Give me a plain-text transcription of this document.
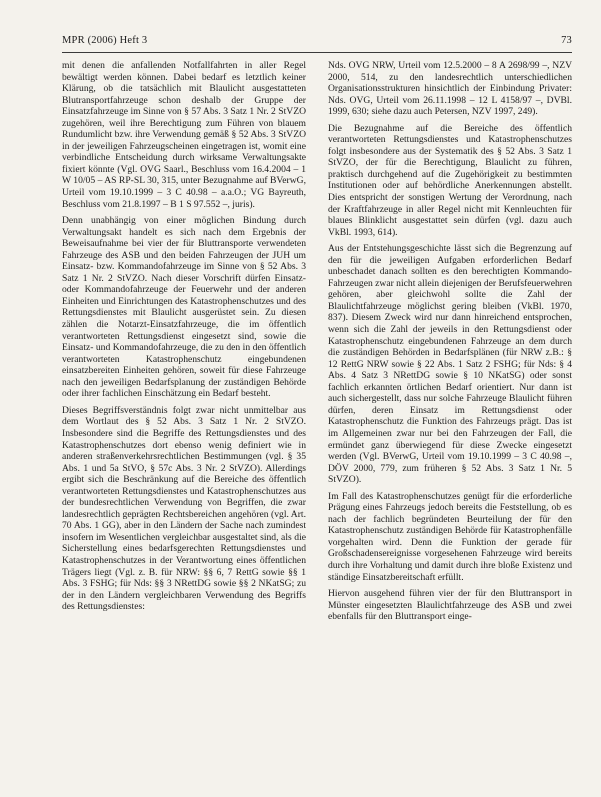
MPR (2006) Heft 3	73

mit denen die anfallenden Notfallfahrten in aller Regel bewältigt werden können. Dabei bedarf es letztlich keiner Klärung, ob die tatsächlich mit Blaulicht ausgestatteten Blutransportfahrzeuge schon deshalb der Gruppe der Einsatzfahrzeuge im Sinne von § 57 Abs. 3 Satz 1 Nr. 2 StVZO zugehören, weil ihre Berechtigung zum Führen von blauem Rundumlicht bzw. ihre Verwendung gemäß § 52 Abs. 3 StVZO in der jeweiligen Fahrzeugscheinen eingetragen ist, womit eine verbindliche Entscheidung durch wirksame Verwaltungsakte fixiert könnte (Vgl. OVG Saarl., Beschluss vom 16.4.2004 – 1 W 10/05 – AS RP-SL 30, 315, unter Bezugnahme auf BVerwG, Urteil vom 19.10.1999 – 3 C 40.98 – a.a.O.; VG Bayreuth, Beschluss vom 21.8.1997 – B 1 S 97.552 –, juris).

Denn unabhängig von einer möglichen Bindung durch Verwaltungsakt handelt es sich nach dem Ergebnis der Beweisaufnahme bei vier der für Bluttransporte verwendeten Fahrzeuge des ASB und den beiden Fahrzeugen der JUH um Einsatz- bzw. Kommandofahrzeuge im Sinne von § 52 Abs. 3 Satz 1 Nr. 2 StVZO. Nach dieser Vorschrift dürfen Einsatz- oder Kommandofahrzeuge der Feuerwehr und der anderen Einheiten und Einrichtungen des Katastrophenschutzes und des Rettungsdienstes mit Blaulicht ausgerüstet sein. Zu diesen zählen die Notarzt-Einsatzfahrzeuge, die im öffentlich verantworteten Rettungsdienst eingesetzt sind, sowie die Einsatz- und Kommandofahrzeuge, die zu den in den öffentlich verantworteten Katastrophenschutz eingebundenen einsatzbereiten Einheiten gehören, soweit für diese Fahrzeuge nach den jeweiligen Bedarfsplanung der zuständigen Behörde oder ihrer fachlichen Einschätzung ein Bedarf besteht.

Dieses Begriffsverständnis folgt zwar nicht unmittelbar aus dem Wortlaut des § 52 Abs. 3 Satz 1 Nr. 2 StVZO. Insbesondere sind die Begriffe des Rettungsdienstes und des Katastrophenschutzes dort ebenso wenig definiert wie in anderen straßenverkehrsrechtlichen Bestimmungen (vgl. § 35 Abs. 1 und 5a StVO, § 57c Abs. 3 Nr. 2 StVZO). Allerdings ergibt sich die Beschränkung auf die Bereiche des öffentlich verantworteten Rettungsdienstes und Katastrophenschutzes aus der bundesrechtlichen Verwendung von Begriffen, die zwar landesrechtlich geprägten Rechtsbereichen angehören (vgl. Art. 70 Abs. 1 GG), aber in den Ländern der Sache nach zumindest insofern im Wesentlichen vergleichbar ausgestaltet sind, als die Sicherstellung eines bedarfsgerechten Rettungsdienstes und Katastrophenschutzes in der Verantwortung eines öffentlichen Trägers liegt (Vgl. z. B. für NRW: §§ 6, 7 RettG sowie §§ 1 Abs. 3 FSHG; für Nds: §§ 3 NRettDG sowie §§ 2 NKatSG; zu der in den Ländern vergleichbaren Verwendung des Begriffs des Rettungsdienstes:

Nds. OVG NRW, Urteil vom 12.5.2000 – 8 A 2698/99 –, NZV 2000, 514, zu den landesrechtlich unterschiedlichen Organisationsstrukturen hinsichtlich der Einbindung Privater: Nds. OVG, Urteil vom 26.11.1998 – 12 L 4158/97 –, DVBl. 1999, 630; siehe dazu auch Petersen, NZV 1997, 249).

Die Bezugnahme auf die Bereiche des öffentlich verantworteten Rettungsdienstes und Katastrophenschutzes folgt insbesondere aus der Systematik des § 52 Abs. 3 Satz 1 StVZO, der für die Berechtigung, Blaulicht zu führen, praktisch durchgehend auf die Zugehörigkeit zu bestimmten Institutionen oder auf behördliche Anerkennungen abstellt. Dies entspricht der sonstigen Wertung der Verordnung, nach der Kraftfahrzeuge in aller Regel nicht mit Kennleuchten für blaues Blinklicht ausgestattet sein dürfen (vgl. dazu auch VkBl. 1993, 614).

Aus der Entstehungsgeschichte lässt sich die Begrenzung auf den für die jeweiligen Aufgaben erforderlichen Bedarf unbeschadet danach sollten es den berechtigten Kommando-Fahrzeugen zwar nicht allein diejenigen der Berufsfeuerwehren gehören, aber gleichwohl sollte die Zahl der Blaulichtfahrzeuge möglichst gering bleiben (VkBl. 1970, 837). Diesem Zweck wird nur dann hinreichend entsprochen, wenn sich die Zahl der jeweils in den Rettungsdienst oder Katastrophenschutz eingebundenen Fahrzeuge an dem durch die zuständigen Behörden in Bedarfsplänen (für NRW z.B.: § 12 RettG NRW sowie § 22 Abs. 1 Satz 2 FSHG; für Nds: § 4 Abs. 4 Satz 3 NRettDG sowie § 10 NKatSG) oder sonst fachlich erkannten örtlichen Bedarf orientiert. Nur dann ist auch sichergestellt, dass nur solche Fahrzeuge Blaulicht führen dürfen, deren Einsatz im Rettungsdienst oder Katastrophenschutz die Funktion des Fahrzeugs prägt. Das ist im Allgemeinen zwar nur bei den Fahrzeugen der Fall, die ermündet ganz überwiegend für diese Zwecke eingesetzt werden (Vgl. BVerwG, Urteil vom 19.10.1999 – 3 C 40.98 –, DÖV 2000, 779, zum früheren § 52 Abs. 3 Satz 1 Nr. 5 StVZO).

Im Fall des Katastrophenschutzes genügt für die erforderliche Prägung eines Fahrzeugs jedoch bereits die Feststellung, ob es nach der fachlich begründeten Beurteilung der für den Katastrophenschutz zuständigen Behörde für Katastrophenfälle vorgehalten wird. Denn die Funktion der gerade für Großschadensereignisse vorgesehenen Fahrzeuge wird bereits durch ihre Vorhaltung und damit durch ihre bloße Existenz und ständige Einsatzbereitschaft erfüllt.

Hiervon ausgehend führen vier der für den Bluttransport in Münster eingesetzten Blaulichtfahrzeuge des ASB und zwei ebenfalls für den Bluttransport einge-
